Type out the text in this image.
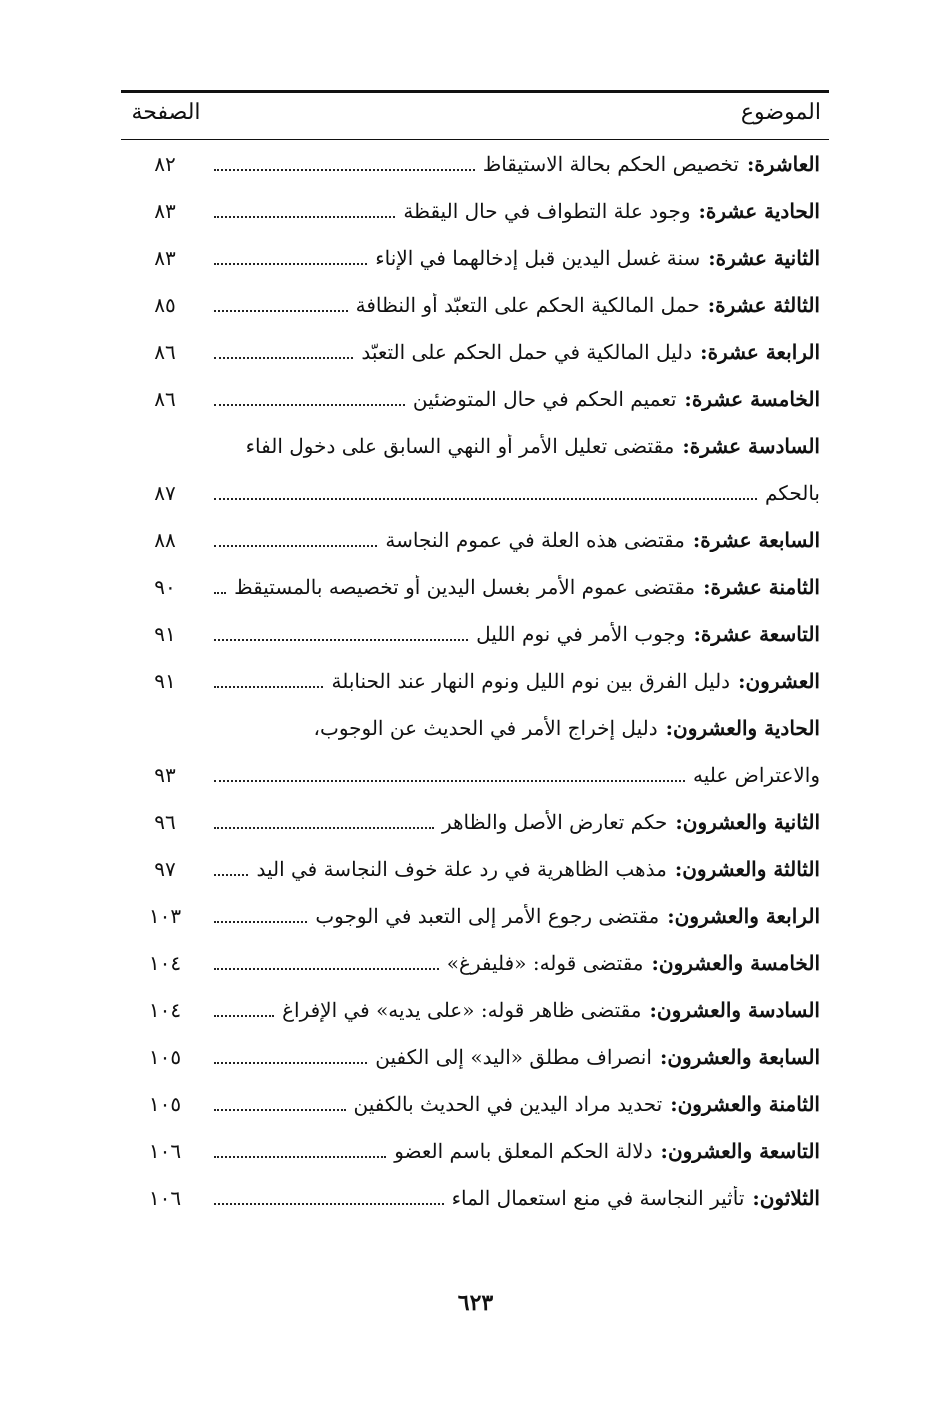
الموضوع
الصفحة
العاشرة
:
تخصيص الحكم بحالة الاستيقاظ
٨٢
الحادية عشرة
:
وجود علة التطواف في حال اليقظة
٨٣
الثانية عشرة
:
سنة غسل اليدين قبل إدخالهما في الإناء
٨٣
الثالثة عشرة
:
حمل المالكية الحكم على التعبّد أو النظافة
٨٥
الرابعة عشرة
:
دليل المالكية في حمل الحكم على التعبّد
٨٦
الخامسة عشرة
:
تعميم الحكم في حال المتوضئين
٨٦
السادسة عشرة
:
مقتضى تعليل الأمر أو النهي السابق على دخول الفاء
بالحكم
٨٧
السابعة عشرة
:
مقتضى هذه العلة في عموم النجاسة
٨٨
الثامنة عشرة
:
مقتضى عموم الأمر بغسل اليدين أو تخصيصه بالمستيقظ
٩٠
التاسعة عشرة
:
وجوب الأمر في نوم الليل
٩١
العشرون
:
دليل الفرق بين نوم الليل ونوم النهار عند الحنابلة
٩١
الحادية والعشرون
:
دليل إخراج الأمر في الحديث عن الوجوب،
والاعتراض عليه
٩٣
الثانية والعشرون
:
حكم تعارض الأصل والظاهر
٩٦
الثالثة والعشرون
:
مذهب الظاهرية في رد علة خوف النجاسة في اليد
٩٧
الرابعة والعشرون
:
مقتضى رجوع الأمر إلى التعبد في الوجوب
١٠٣
الخامسة والعشرون
:
مقتضى قوله: «فليفرغ»
١٠٤
السادسة والعشرون
:
مقتضى ظاهر قوله: «على يديه» في الإفراغ
١٠٤
السابعة والعشرون
:
انصراف مطلق «اليد» إلى الكفين
١٠٥
الثامنة والعشرون
:
تحديد مراد اليدين في الحديث بالكفين
١٠٥
التاسعة والعشرون
:
دلالة الحكم المعلق باسم العضو
١٠٦
الثلاثون
:
تأثير النجاسة في منع استعمال الماء
١٠٦
٦٢٣
